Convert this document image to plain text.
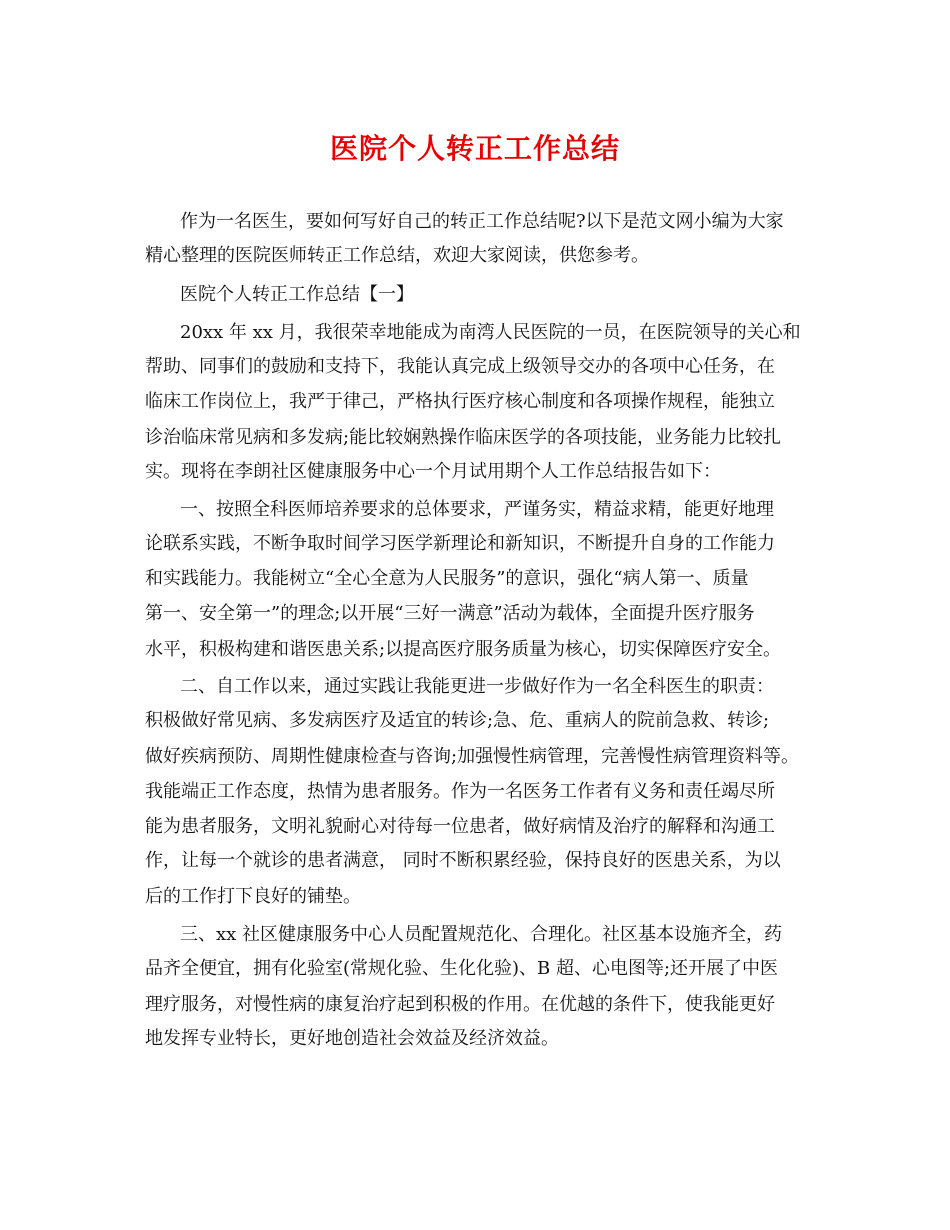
医院个人转正工作总结
作为一名医生，要如何写好自己的转正工作总结呢?以下是范文网小编为大家
精心整理的医院医师转正工作总结，欢迎大家阅读，供您参考。
医院个人转正工作总结【一】
20xx 年 xx 月，我很荣幸地能成为南湾人民医院的一员，在医院领导的关心和
帮助、同事们的鼓励和支持下，我能认真完成上级领导交办的各项中心任务，在
临床工作岗位上，我严于律己，严格执行医疗核心制度和各项操作规程，能独立
诊治临床常见病和多发病;能比较娴熟操作临床医学的各项技能，业务能力比较扎
实。现将在李朗社区健康服务中心一个月试用期个人工作总结报告如下：
一、按照全科医师培养要求的总体要求，严谨务实，精益求精，能更好地理
论联系实践，不断争取时间学习医学新理论和新知识，不断提升自身的工作能力
和实践能力。我能树立“全心全意为人民服务”的意识，强化“病人第一、质量
第一、安全第一”的理念;以开展“三好一满意”活动为载体，全面提升医疗服务
水平，积极构建和谐医患关系;以提高医疗服务质量为核心，切实保障医疗安全。
二、自工作以来，通过实践让我能更进一步做好作为一名全科医生的职责：
积极做好常见病、多发病医疗及适宜的转诊;急、危、重病人的院前急救、转诊;
做好疾病预防、周期性健康检查与咨询;加强慢性病管理，完善慢性病管理资料等。
我能端正工作态度，热情为患者服务。作为一名医务工作者有义务和责任竭尽所
能为患者服务，文明礼貌耐心对待每一位患者，做好病情及治疗的解释和沟通工
作，让每一个就诊的患者满意， 同时不断积累经验，保持良好的医患关系，为以
后的工作打下良好的铺垫。
三、xx 社区健康服务中心人员配置规范化、合理化。社区基本设施齐全，药
品齐全便宜，拥有化验室(常规化验、生化化验)、B 超、心电图等;还开展了中医
理疗服务，对慢性病的康复治疗起到积极的作用。在优越的条件下，使我能更好
地发挥专业特长，更好地创造社会效益及经济效益。
